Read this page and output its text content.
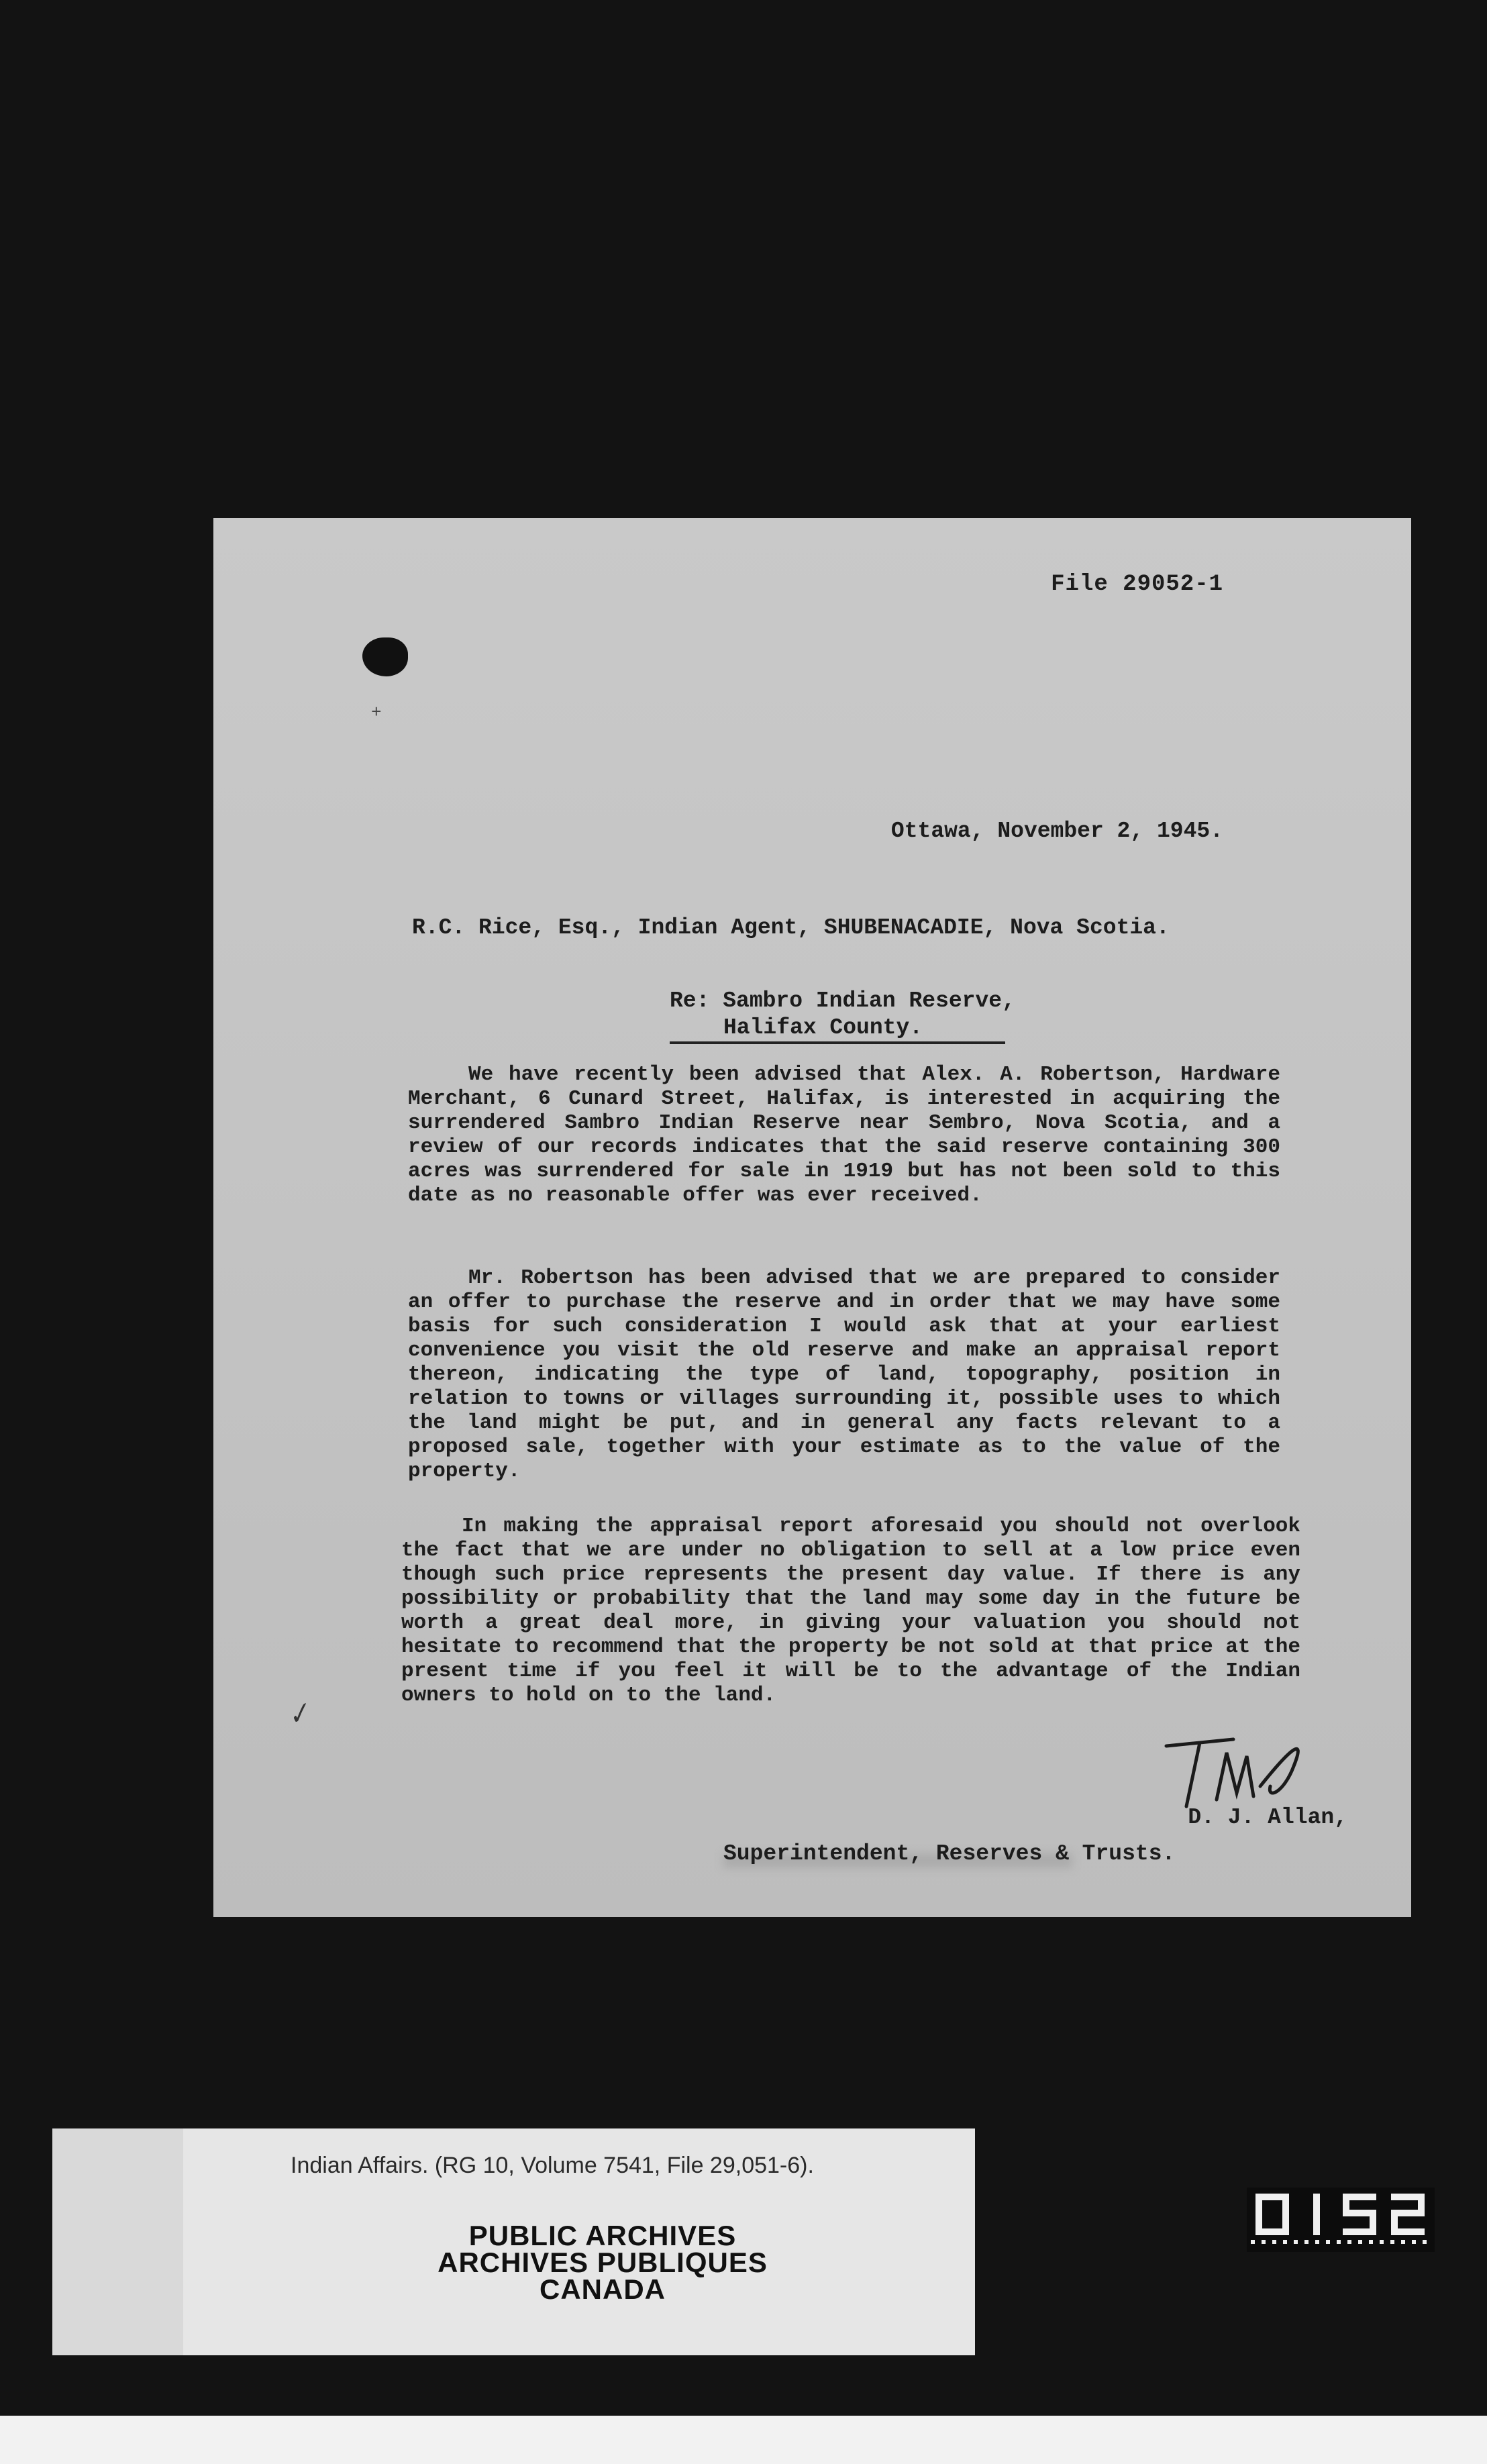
File 29052-1
+
Ottawa, November 2, 1945.
R.C. Rice, Esq., Indian Agent, SHUBENACADIE, Nova Scotia.
Re: Sambro Indian Reserve,
Halifax County.
We have recently been advised that Alex. A. Robertson, Hardware Merchant, 6 Cunard Street, Halifax, is interested in acquiring the surrendered Sambro Indian Reserve near Sembro, Nova Scotia, and a review of our records indicates that the said reserve containing 300 acres was surrendered for sale in 1919 but has not been sold to this date as no reasonable offer was ever received.
Mr. Robertson has been advised that we are prepared to consider an offer to purchase the reserve and in order that we may have some basis for such consideration I would ask that at your earliest convenience you visit the old reserve and make an appraisal report thereon, indicating the type of land, topography, position in relation to towns or villages surrounding it, possible uses to which the land might be put, and in general any facts relevant to a proposed sale, together with your estimate as to the value of the property.
In making the appraisal report aforesaid you should not overlook the fact that we are under no obligation to sell at a low price even though such price represents the present day value. If there is any possibility or probability that the land may some day in the future be worth a great deal more, in giving your valuation you should not hesitate to recommend that the property be not sold at that price at the present time if you feel it will be to the advantage of the Indian owners to hold on to the land.
✓
D. J. Allan,
Superintendent, Reserves & Trusts.
Indian Affairs. (RG 10, Volume 7541, File 29,051-6).
PUBLIC ARCHIVES
ARCHIVES PUBLIQUES
CANADA
